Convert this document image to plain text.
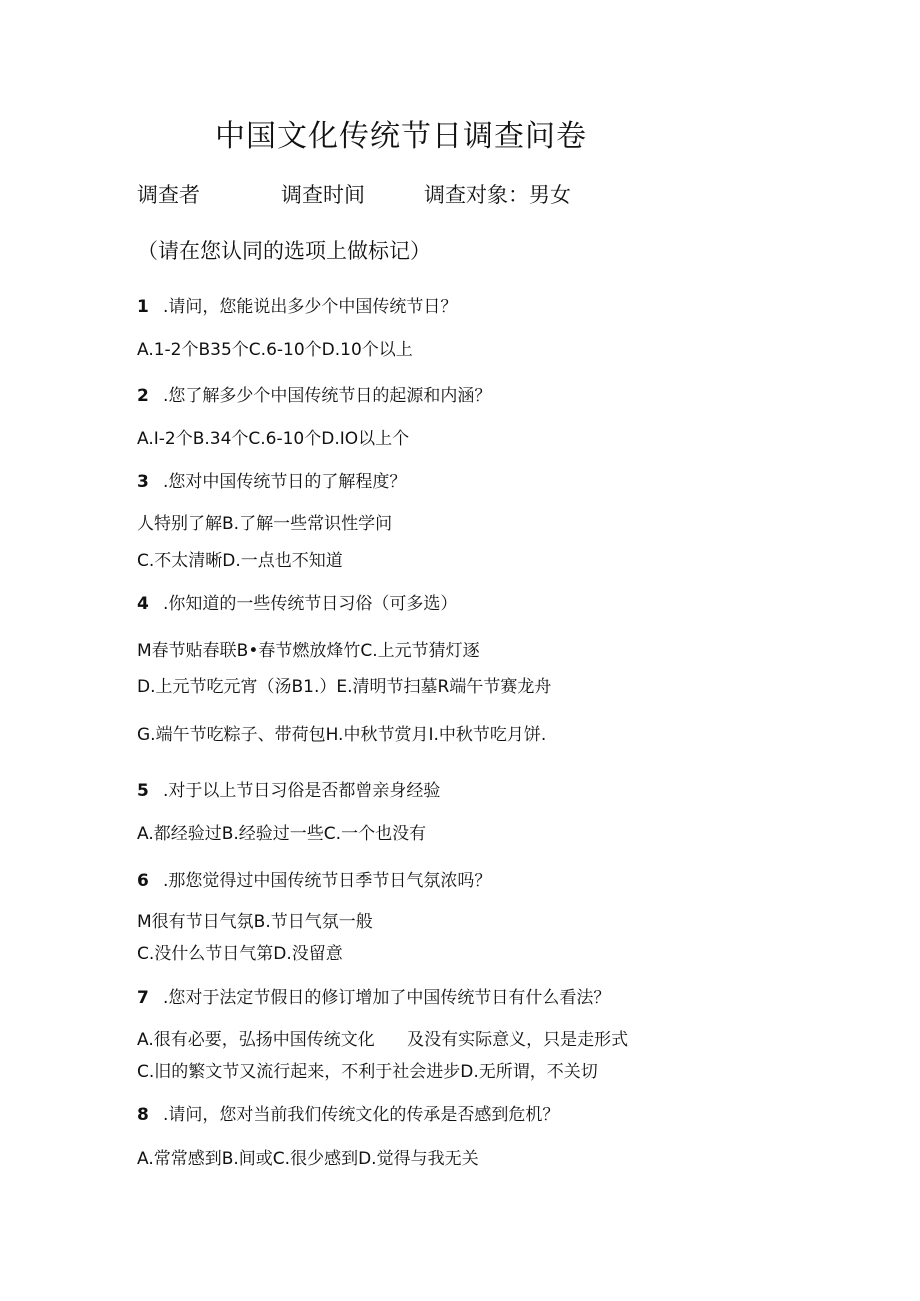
中国文化传统节日调查问卷
调查者	调查时间	调查对象：男女
（请在您认同的选项上做标记）
1 .请问，您能说出多少个中国传统节日？
A.1-2个B35个C.6-10个D.10个以上
2 .您了解多少个中国传统节日的起源和内涵？
A.I-2个B.34个C.6-10个D.IO以上个
3 .您对中国传统节日的了解程度？
人特别了解B.了解一些常识性学问
C.不太清晰D.一点也不知道
4 .你知道的一些传统节日习俗（可多选）
M春节贴春联B•春节燃放烽竹C.上元节猜灯逐
D.上元节吃元宵（汤B1.）E.清明节扫墓R端午节赛龙舟
G.端午节吃粽子、带荷包H.中秋节赏月I.中秋节吃月饼.
5 .对于以上节日习俗是否都曾亲身经验
A.都经验过B.经验过一些C.一个也没有
6 .那您觉得过中国传统节日季节日气氛浓吗？
M很有节日气氛B.节日气氛一般
C.没什么节日气第D.没留意
7 .您对于法定节假日的修订增加了中国传统节日有什么看法？
A.很有必要，弘扬中国传统文化      及没有实际意义，只是走形式
C.旧的繁文节又流行起来，不利于社会进步D.无所谓，不关切
8 .请问，您对当前我们传统文化的传承是否感到危机？
A.常常感到B.间或C.很少感到D.觉得与我无关
